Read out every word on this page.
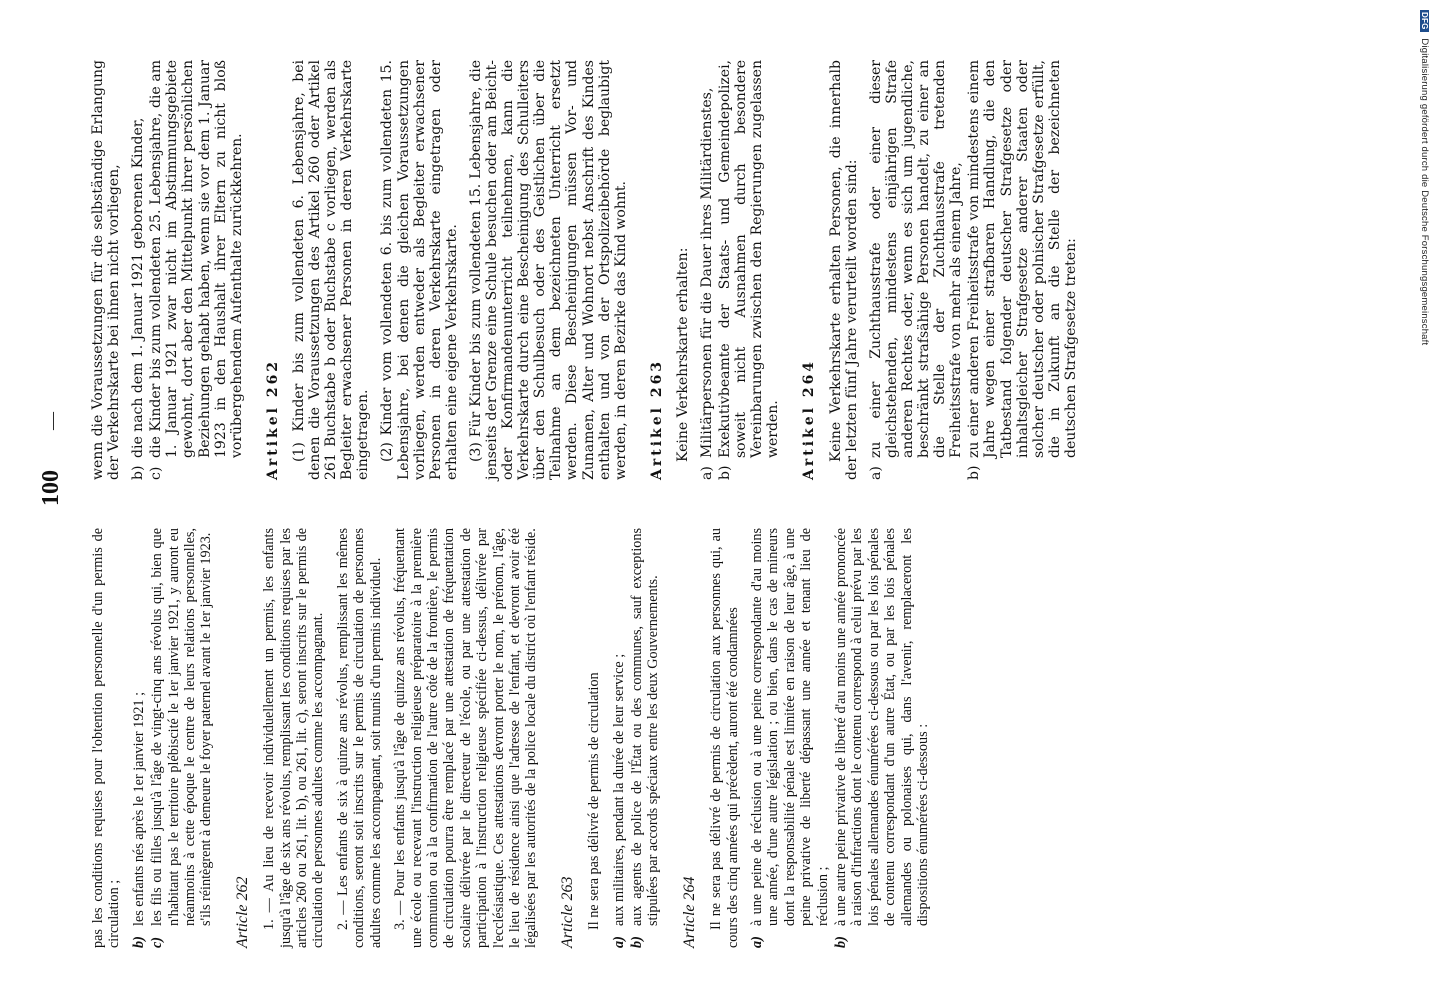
100
—

pas les conditions requises pour l'obtention personnelle d'un permis de circulation ; b)
les enfants nés après le 1er janvier 1921 ;
c)
les fils ou filles jusqu'à l'âge de vingt-cinq ans révolus qui, bien que n'habitant pas le territoire plébiscité le 1er janvier 1921, y auront eu néanmoins à cette époque le centre de leurs relations personnelles, s'ils réintègrent à demeure le foyer paternel avant le 1er janvier 1923. Article 262 1. — Au lieu de recevoir individuellement un permis, les enfants jusqu'à l'âge de six ans révolus, remplissant les conditions requises par les articles 260 ou 261, lit. b), ou 261, lit. c), seront inscrits sur le permis de circulation de personnes adultes comme les accompagnant. 2. — Les enfants de six à quinze ans révolus, remplissant les mêmes conditions, seront soit inscrits sur le permis de circulation de personnes adultes comme les accompagnant, soit munis d'un permis individuel. 3. — Pour les enfants jusqu'à l'âge de quinze ans révolus, fréquentant une école ou recevant l'instruction religieuse préparatoire à la première communion ou à la confirmation de l'autre côté de la frontière, le permis de circulation pourra être remplacé par une attestation de fréquentation scolaire délivrée par le directeur de l'école, ou par une attestation de participation à l'instruction religieuse spécifiée ci-dessus, délivrée par l'ecclésiastique. Ces attestations devront porter le nom, le prénom, l'âge, le lieu de résidence ainsi que l'adresse de l'enfant, et devront avoir été légalisées par les autorités de la police locale du district où l'enfant réside. Article 263 Il ne sera pas délivré de permis de circulation

a)
aux militaires, pendant la durée de leur service ;
b)
aux agents de police de l'État ou des communes, sauf exceptions stipulées par accords spéciaux entre les deux Gouvernements. Article 264 Il ne sera pas délivré de permis de circulation aux personnes qui, au cours des cinq années qui précèdent, auront été condamnées a)
à une peine de réclusion ou à une peine correspondante d'au moins une année, d'une autre législation ; ou bien, dans le cas de mineurs dont la responsabilité pénale est limitée en raison de leur âge, à une peine privative de liberté dépassant une année et tenant lieu de réclusion ;
b)
à une autre peine privative de liberté d'au moins une année prononcée à raison d'infractions dont le contenu correspond à celui prévu par les lois pénales allemandes énumérées ci-dessous ou par les lois pénales de contenu correspondant d'un autre État, ou par les lois pénales allemandes ou polonaises qui, dans l'avenir, remplaceront les dispositions énumérées ci-dessous :

wenn die Voraussetzungen für die selbständige Erlangung der Verkehrskarte bei ihnen nicht vorliegen, b)
die nach dem 1. Januar 1921 geborenen Kinder,
c)
die Kinder bis zum vollendeten 25. Lebensjahre, die am 1. Januar 1921 zwar nicht im Abstimmungsgebiete gewohnt, dort aber den Mittelpunkt ihrer persönlichen Beziehungen gehabt haben, wenn sie vor dem 1. Januar 1923 in den Haushalt ihrer Eltern zu nicht bloß vorübergehendem Aufenthalte zurückkehren. Artikel 262 (1) Kinder bis zum vollendeten 6. Lebensjahre, bei denen die Voraussetzungen des Artikel 260 oder Artikel 261 Buchstabe b oder Buchstabe c vorliegen, werden als Begleiter erwachsener Personen in deren Verkehrskarte eingetragen. (2) Kinder vom vollendeten 6. bis zum vollendeten 15. Lebensjahre, bei denen die gleichen Voraussetzungen vorliegen, werden entweder als Begleiter erwachsener Personen in deren Verkehrskarte eingetragen oder erhalten eine eigene Verkehrskarte. (3) Für Kinder bis zum vollendeten 15. Lebensjahre, die jenseits der Grenze eine Schule besuchen oder am Beicht- oder Konfirmandenunterricht teilnehmen, kann die Verkehrskarte durch eine Bescheinigung des Schulleiters über den Schulbesuch oder des Geistlichen über die Teilnahme an dem bezeichneten Unterricht ersetzt werden. Diese Bescheinigungen müssen Vor- und Zunamen, Alter und Wohnort nebst Anschrift des Kindes enthalten und von der Ortspolizeibehörde beglaubigt werden, in deren Bezirke das Kind wohnt. Artikel 263 Keine Verkehrskarte erhalten:

a)
Militärpersonen für die Dauer ihres Militärdienstes,
b)
Exekutivbeamte der Staats- und Gemeindepolizei, soweit nicht Ausnahmen durch besondere Vereinbarungen zwischen den Regierungen zugelassen werden. Artikel 264 Keine Verkehrskarte erhalten Personen, die innerhalb der letzten fünf Jahre verurteilt worden sind: a)
zu einer Zuchthausstrafe oder einer dieser gleichstehenden, mindestens einjährigen Strafe anderen Rechtes oder, wenn es sich um jugendliche, beschränkt strafsähige Personen handelt, zu einer an die Stelle der Zuchthausstrafe tretenden Freiheitsstrafe von mehr als einem Jahre,
b)
zu einer anderen Freiheitsstrafe von mindestens einem Jahre wegen einer strafbaren Handlung, die den Tatbestand folgender deutscher Strafgesetze oder inhaltsgleicher Strafgesetze anderer Staaten oder solcher deutscher oder polnischer Strafgesetze erfüllt, die in Zukunft an die Stelle der bezeichneten deutschen Strafgesetze treten:
DFG Digitalisierung gefördert durch die Deutsche Forschungsgemeinschaft
